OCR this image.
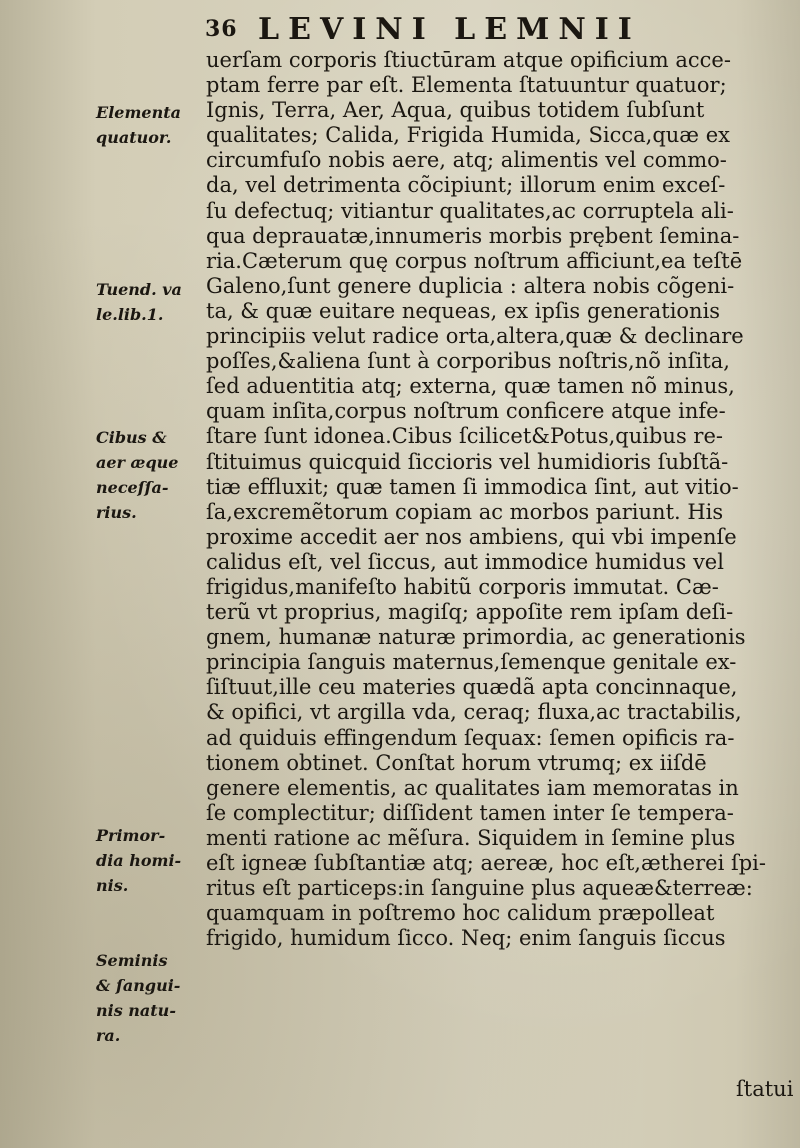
36 LEVINI LEMNII
Elementa
quatuor.
Tuend. va
le.lib.1.
Cibus &
aer æque
neceſſa-
rius.
Primor-
dia homi-
nis.
Seminis
& ſangui-
nis natu-
ra.
uerſam corporis ſtiuctūram atque opificium acce-
ptam ferre par eſt. Elementa ſtatuuntur quatuor;
Ignis, Terra, Aer, Aqua, quibus totidem ſubſunt
qualitates; Calida, Frigida Humida, Sicca,quæ ex
circumfuſo nobis aere, atq; alimentis vel commo-
da, vel detrimenta cõcipiunt; illorum enim exceſ-
ſu defectuq; vitiantur qualitates,ac corruptela ali-
qua deprauatæ,innumeris morbis prębent ſemina-
ria.Cæterum quę corpus noſtrum afficiunt,ea teſtē
Galeno,ſunt genere duplicia : altera nobis cõgeni-
ta, & quæ euitare nequeas, ex ipſis generationis
principiis velut radice orta,altera,quæ & declinare
poſſes,&aliena ſunt à corporibus noſtris,nõ inſita,
ſed aduentitia atq; externa, quæ tamen nõ minus,
quam inſita,corpus noſtrum conficere atque infe-
ſtare ſunt idonea.Cibus ſcilicet&Potus,quibus re-
ſtituimus quicquid ſiccioris vel humidioris ſubſtã-
tiæ effluxit; quæ tamen ſi immodica ſint, aut vitio-
ſa,excremẽtorum copiam ac morbos pariunt. His
proxime accedit aer nos ambiens, qui vbi impenſe
calidus eſt, vel ſiccus, aut immodice humidus vel
frigidus,manifeſto habitũ corporis immutat. Cæ-
terũ vt proprius, magiſq; appoſite rem ipſam deſi-
gnem, humanæ naturæ primordia, ac generationis
principia ſanguis maternus,ſemenque genitale ex-
ſiſtuut,ille ceu materies quædã apta concinnaque,
& opifici, vt argilla vda, ceraq; fluxa,ac tractabilis,
ad quiduis effingendum ſequax: ſemen opificis ra-
tionem obtinet. Conſtat horum vtrumq; ex iiſdē
genere elementis, ac qualitates iam memoratas in
ſe complectitur; diſſident tamen inter ſe tempera-
menti ratione ac mẽſura. Siquidem in ſemine plus
eſt igneæ ſubſtantiæ atq; aereæ, hoc eſt,ætherei ſpi-
ritus eſt particeps:in ſanguine plus aqueæ&terreæ:
quamquam in poſtremo hoc calidum præpolleat
frigido, humidum ſicco. Neq; enim ſanguis ſiccus
ſtatui
